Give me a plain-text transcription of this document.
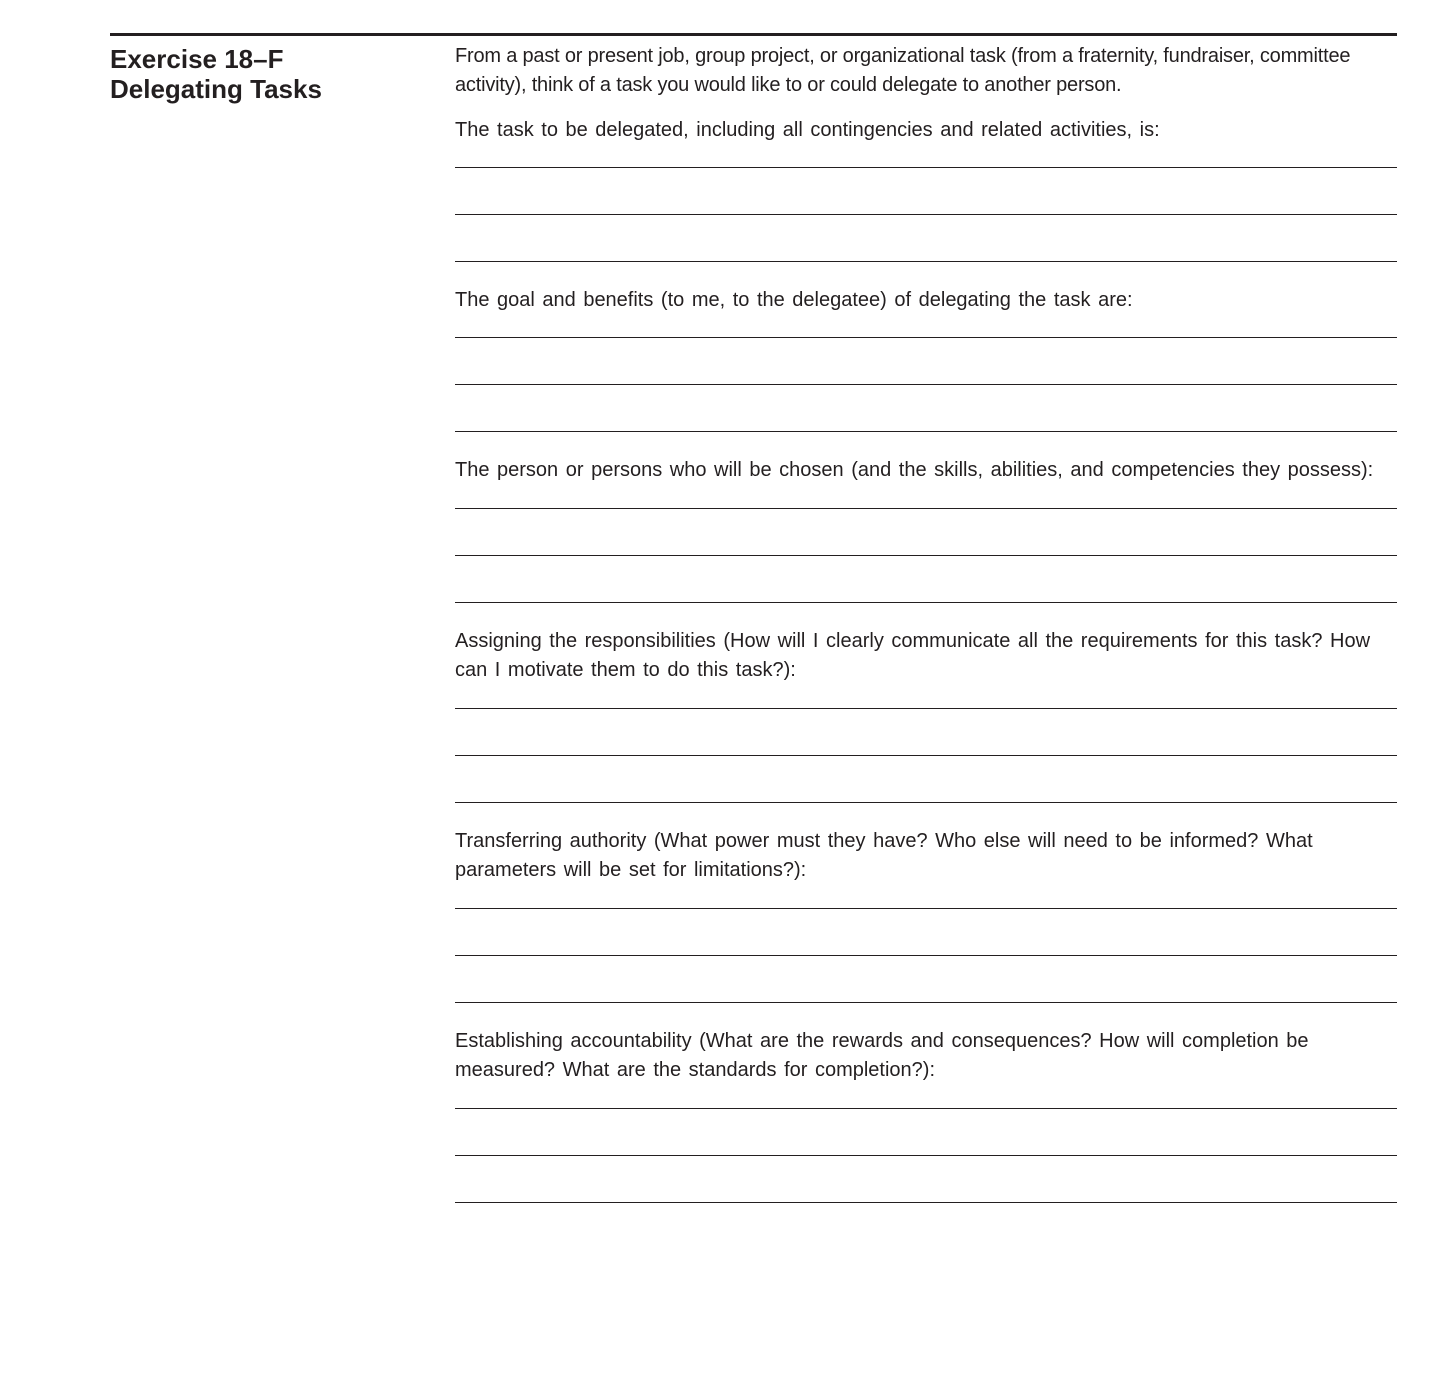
Exercise 18–F
Delegating Tasks

From a past or present job, group project, or organizational task (from a fraternity, fundraiser, committee activity), think of a task you would like to or could delegate to another person.

The task to be delegated, including all contingencies and related activities, is:

The goal and benefits (to me, to the delegatee) of delegating the task are:

The person or persons who will be chosen (and the skills, abilities, and competencies they possess):

Assigning the responsibilities (How will I clearly communicate all the requirements for this task? How can I motivate them to do this task?):

Transferring authority (What power must they have? Who else will need to be informed? What parameters will be set for limitations?):

Establishing accountability (What are the rewards and consequences? How will completion be measured? What are the standards for completion?):
